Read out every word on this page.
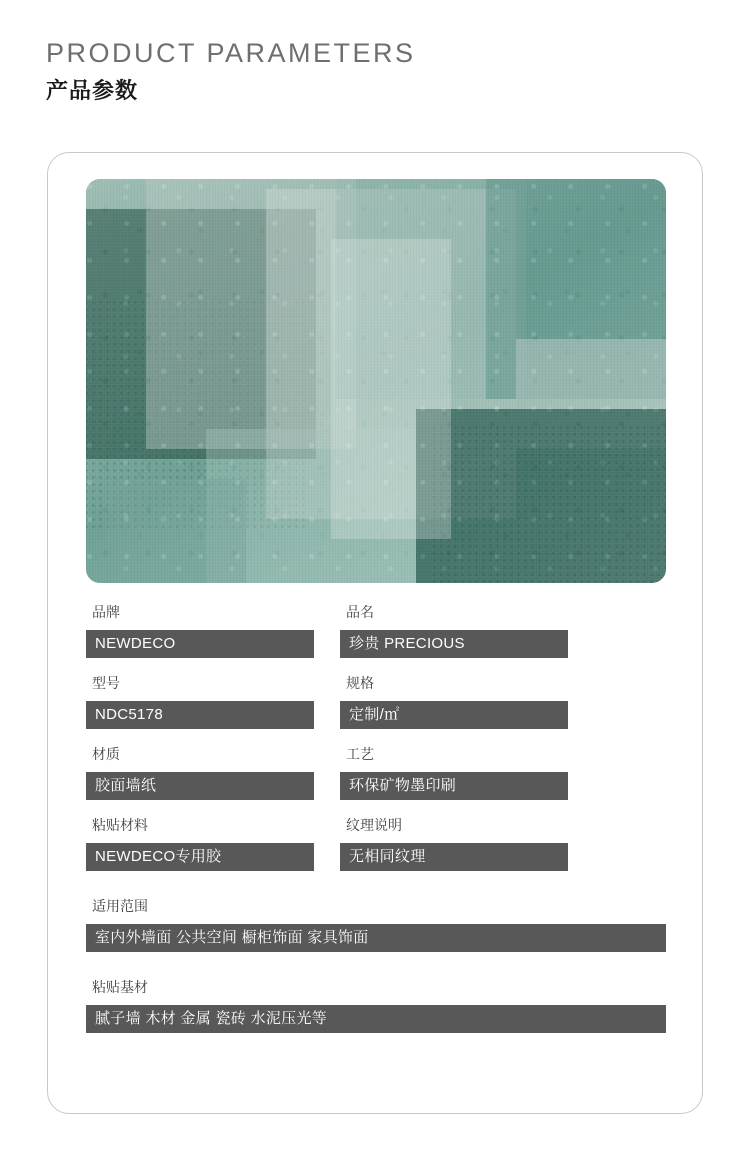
PRODUCT PARAMETERS
产品参数
品牌
NEWDECO
品名
珍贵 PRECIOUS
型号
NDC5178
规格
定制/㎡
材质
胶面墙纸
工艺
环保矿物墨印刷
粘贴材料
NEWDECO专用胶
纹理说明
无相同纹理
适用范围
室内外墙面 公共空间 橱柜饰面 家具饰面
粘贴基材
腻子墙 木材 金属 瓷砖 水泥压光等
